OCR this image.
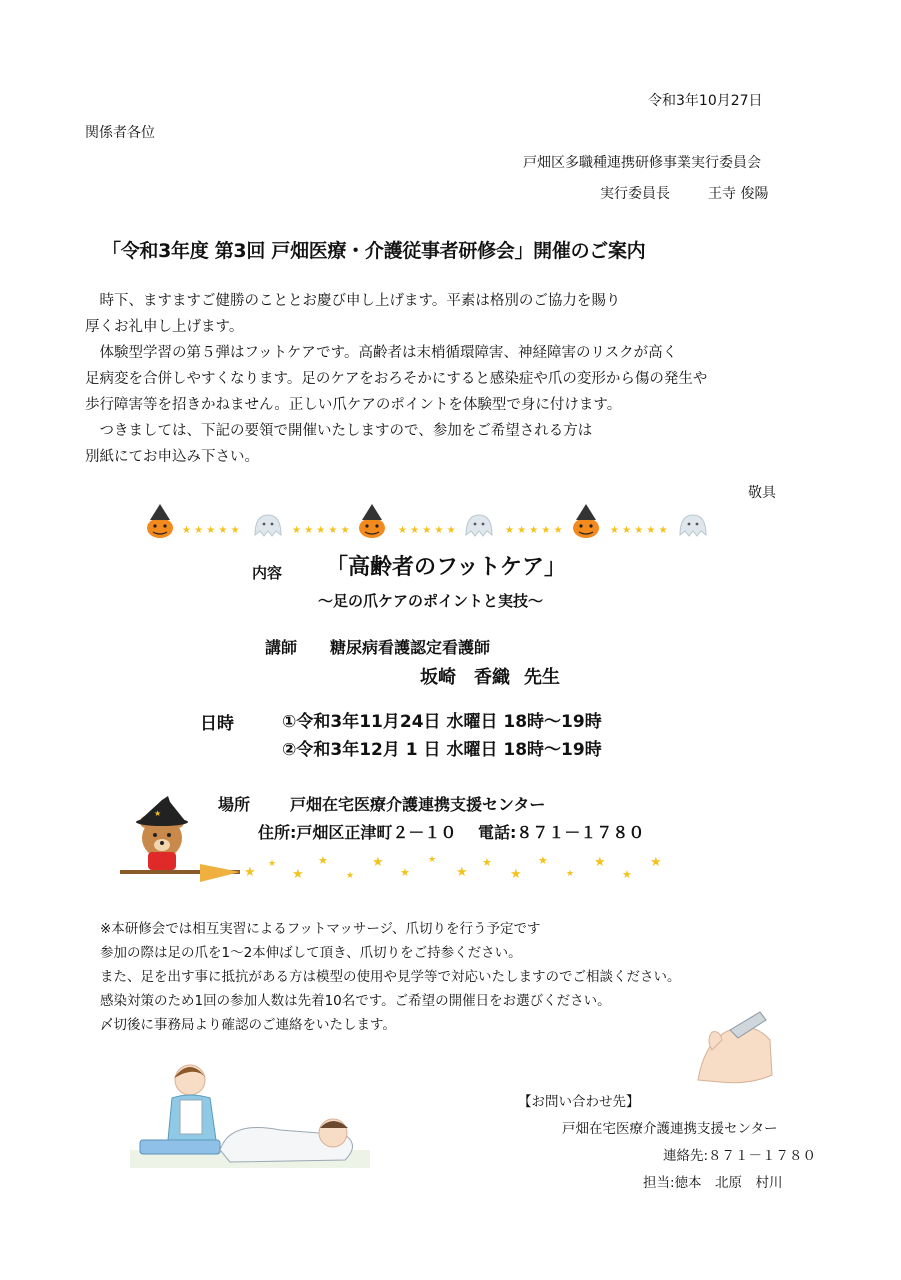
令和3年10月27日
関係者各位
戸畑区多職種連携研修事業実行委員会
実行委員長	王寺 俊陽
「令和3年度 第3回 戸畑医療・介護従事者研修会」開催のご案内
　時下、ますますご健勝のこととお慶び申し上げます。平素は格別のご協力を賜り
厚くお礼申し上げます。
　体験型学習の第５弾はフットケアです。高齢者は末梢循環障害、神経障害のリスクが高く
足病変を合併しやすくなります。足のケアをおろそかにすると感染症や爪の変形から傷の発生や
歩行障害等を招きかねません。正しい爪ケアのポイントを体験型で身に付けます。
　つきましては、下記の要領で開催いたしますので、参加をご希望される方は
別紙にてお申込み下さい。
敬具
★ ★ ★ ★ ★	★ ★ ★ ★ ★	★ ★ ★ ★ ★	★ ★ ★ ★ ★	★ ★ ★ ★ ★
内容 「高齢者のフットケア」
～足の爪ケアのポイントと実技～
講師 糖尿病看護認定看護師
坂崎　香織 先生
日時	①令和3年11月24日 水曜日 18時～19時
②令和3年12月 1 日 水曜日 18時～19時
場所 戸畑在宅医療介護連携支援センター
住所:戸畑区正津町２－１０　 電話:８７１－１７８０
★
★
★
★
★
★
★
★
★
★
★
★
★
★
★
★
★
※本研修会では相互実習によるフットマッサージ、爪切りを行う予定です
参加の際は足の爪を1～2本伸ばして頂き、爪切りをご持参ください。
また、足を出す事に抵抗がある方は模型の使用や見学等で対応いたしますのでご相談ください。
感染対策のため1回の参加人数は先着10名です。ご希望の開催日をお選びください。
〆切後に事務局より確認のご連絡をいたします。
【お問い合わせ先】
戸畑在宅医療介護連携支援センター
連絡先:８７１－１７８０
担当:徳本　北原　村川
